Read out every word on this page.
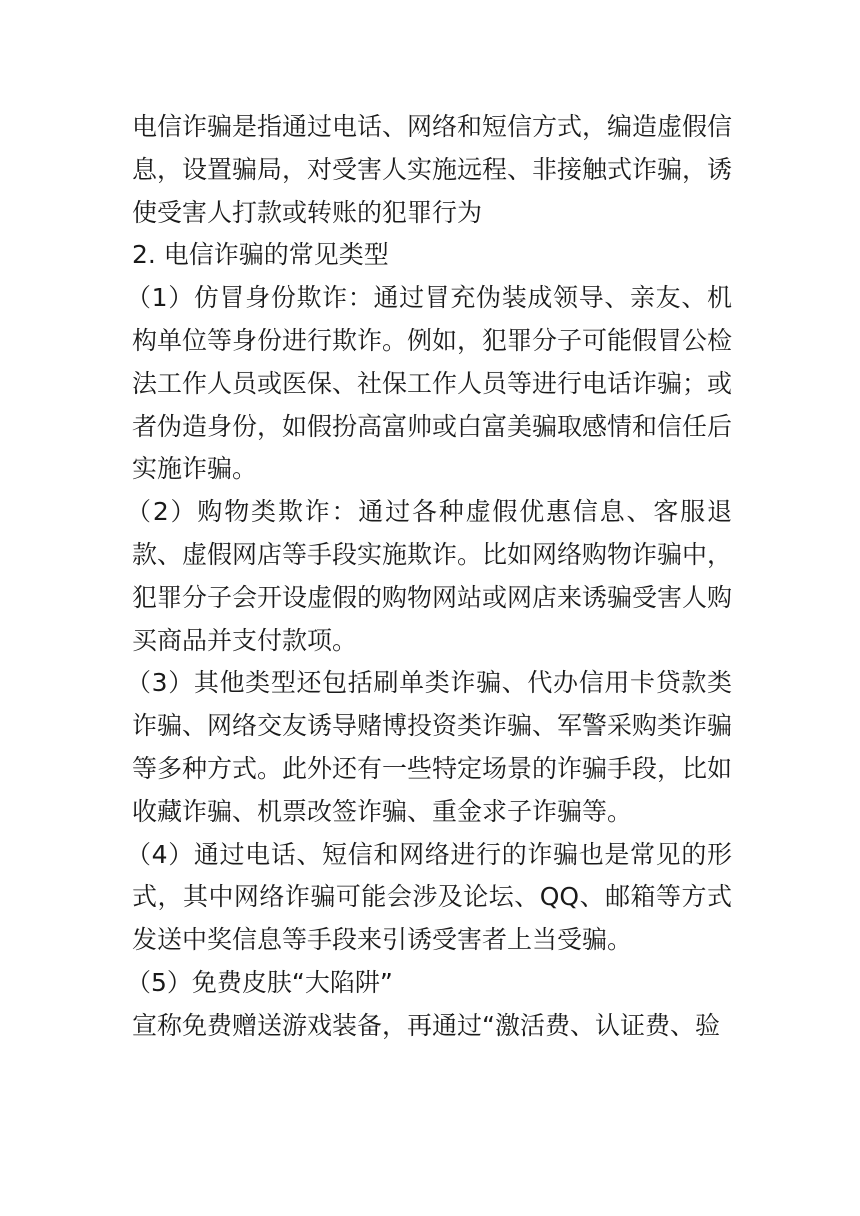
电信诈骗是指通过电话、网络和短信方式，编造虚假信息，设置骗局，对受害人实施远程、非接触式诈骗，诱使受害人打款或转账的犯罪行为

2. 电信诈骗的常见类型

（1）仿冒身份欺诈：通过冒充伪装成领导、亲友、机构单位等身份进行欺诈。例如，犯罪分子可能假冒公检法工作人员或医保、社保工作人员等进行电话诈骗；或者伪造身份，如假扮高富帅或白富美骗取感情和信任后实施诈骗。

（2）购物类欺诈：通过各种虚假优惠信息、客服退款、虚假网店等手段实施欺诈。比如网络购物诈骗中，犯罪分子会开设虚假的购物网站或网店来诱骗受害人购买商品并支付款项。

（3）其他类型还包括刷单类诈骗、代办信用卡贷款类诈骗、网络交友诱导赌博投资类诈骗、军警采购类诈骗等多种方式。此外还有一些特定场景的诈骗手段，比如收藏诈骗、机票改签诈骗、重金求子诈骗等。

（4）通过电话、短信和网络进行的诈骗也是常见的形式，其中网络诈骗可能会涉及论坛、QQ、邮箱等方式发送中奖信息等手段来引诱受害者上当受骗。

（5）免费皮肤“大陷阱”

宣称免费赠送游戏装备，再通过“激活费、认证费、验
